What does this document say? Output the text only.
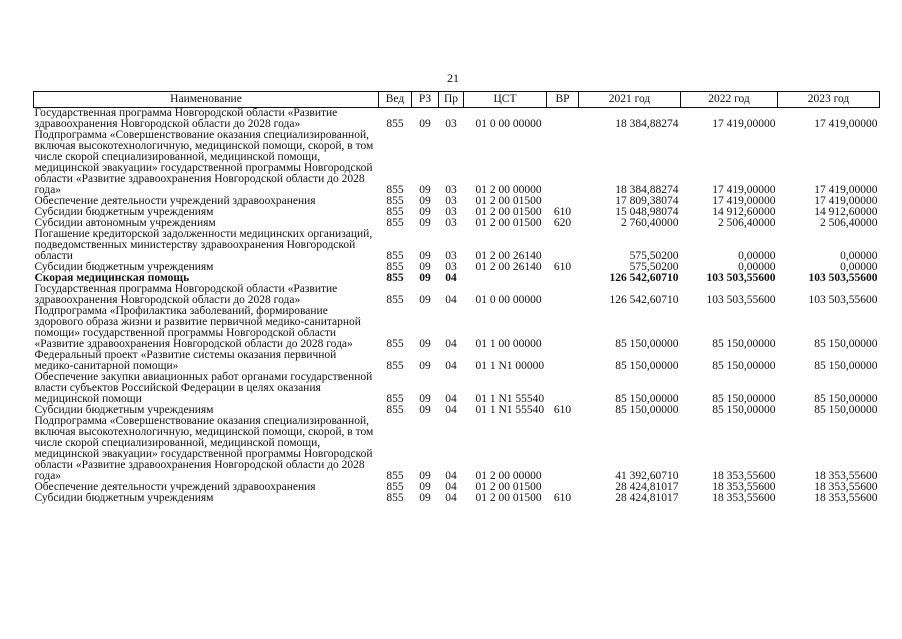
21
Наименование	Вед	РЗ	Пр	ЦСТ	ВР	2021 год	2022 год	2023 год
Государственная программа Новгородской области «Развитие здравоохранения Новгородской области до 2028 года»	855	09	03	01 0 00 00000		18 384,88274	17 419,00000	17 419,00000
Подпрограмма «Совершенствование оказания специализированной, включая высокотехнологичную, медицинской помощи, скорой, в том числе скорой специализированной, медицинской помощи, медицинской эвакуации» государственной программы Новгородской области «Развитие здравоохранения Новгородской области до 2028 года»	855	09	03	01 2 00 00000		18 384,88274	17 419,00000	17 419,00000
Обеспечение деятельности учреждений здравоохранения	855	09	03	01 2 00 01500		17 809,38074	17 419,00000	17 419,00000
Субсидии бюджетным учреждениям	855	09	03	01 2 00 01500	610	15 048,98074	14 912,60000	14 912,60000
Субсидии автономным учреждениям	855	09	03	01 2 00 01500	620	2 760,40000	2 506,40000	2 506,40000
Погашение кредиторской задолженности медицинских организаций, подведомственных министерству здравоохранения Новгородской области	855	09	03	01 2 00 26140		575,50200	0,00000	0,00000
Субсидии бюджетным учреждениям	855	09	03	01 2 00 26140	610	575,50200	0,00000	0,00000
Скорая медицинская помощь	855	09	04			126 542,60710	103 503,55600	103 503,55600
Государственная программа Новгородской области «Развитие здравоохранения Новгородской области до 2028 года»	855	09	04	01 0 00 00000		126 542,60710	103 503,55600	103 503,55600
Подпрограмма «Профилактика заболеваний, формирование здорового образа жизни и развитие первичной медико-санитарной помощи» государственной программы Новгородской области «Развитие здравоохранения Новгородской области до 2028 года»	855	09	04	01 1 00 00000		85 150,00000	85 150,00000	85 150,00000
Федеральный проект «Развитие системы оказания первичной медико-санитарной помощи»	855	09	04	01 1 N1 00000		85 150,00000	85 150,00000	85 150,00000
Обеспечение закупки авиационных работ органами государственной власти субъектов Российской Федерации в целях оказания медицинской помощи	855	09	04	01 1 N1 55540		85 150,00000	85 150,00000	85 150,00000
Субсидии бюджетным учреждениям	855	09	04	01 1 N1 55540	610	85 150,00000	85 150,00000	85 150,00000
Подпрограмма «Совершенствование оказания специализированной, включая высокотехнологичную, медицинской помощи, скорой, в том числе скорой специализированной, медицинской помощи, медицинской эвакуации» государственной программы Новгородской области «Развитие здравоохранения Новгородской области до 2028 года»	855	09	04	01 2 00 00000		41 392,60710	18 353,55600	18 353,55600
Обеспечение деятельности учреждений здравоохранения	855	09	04	01 2 00 01500		28 424,81017	18 353,55600	18 353,55600
Субсидии бюджетным учреждениям	855	09	04	01 2 00 01500	610	28 424,81017	18 353,55600	18 353,55600
